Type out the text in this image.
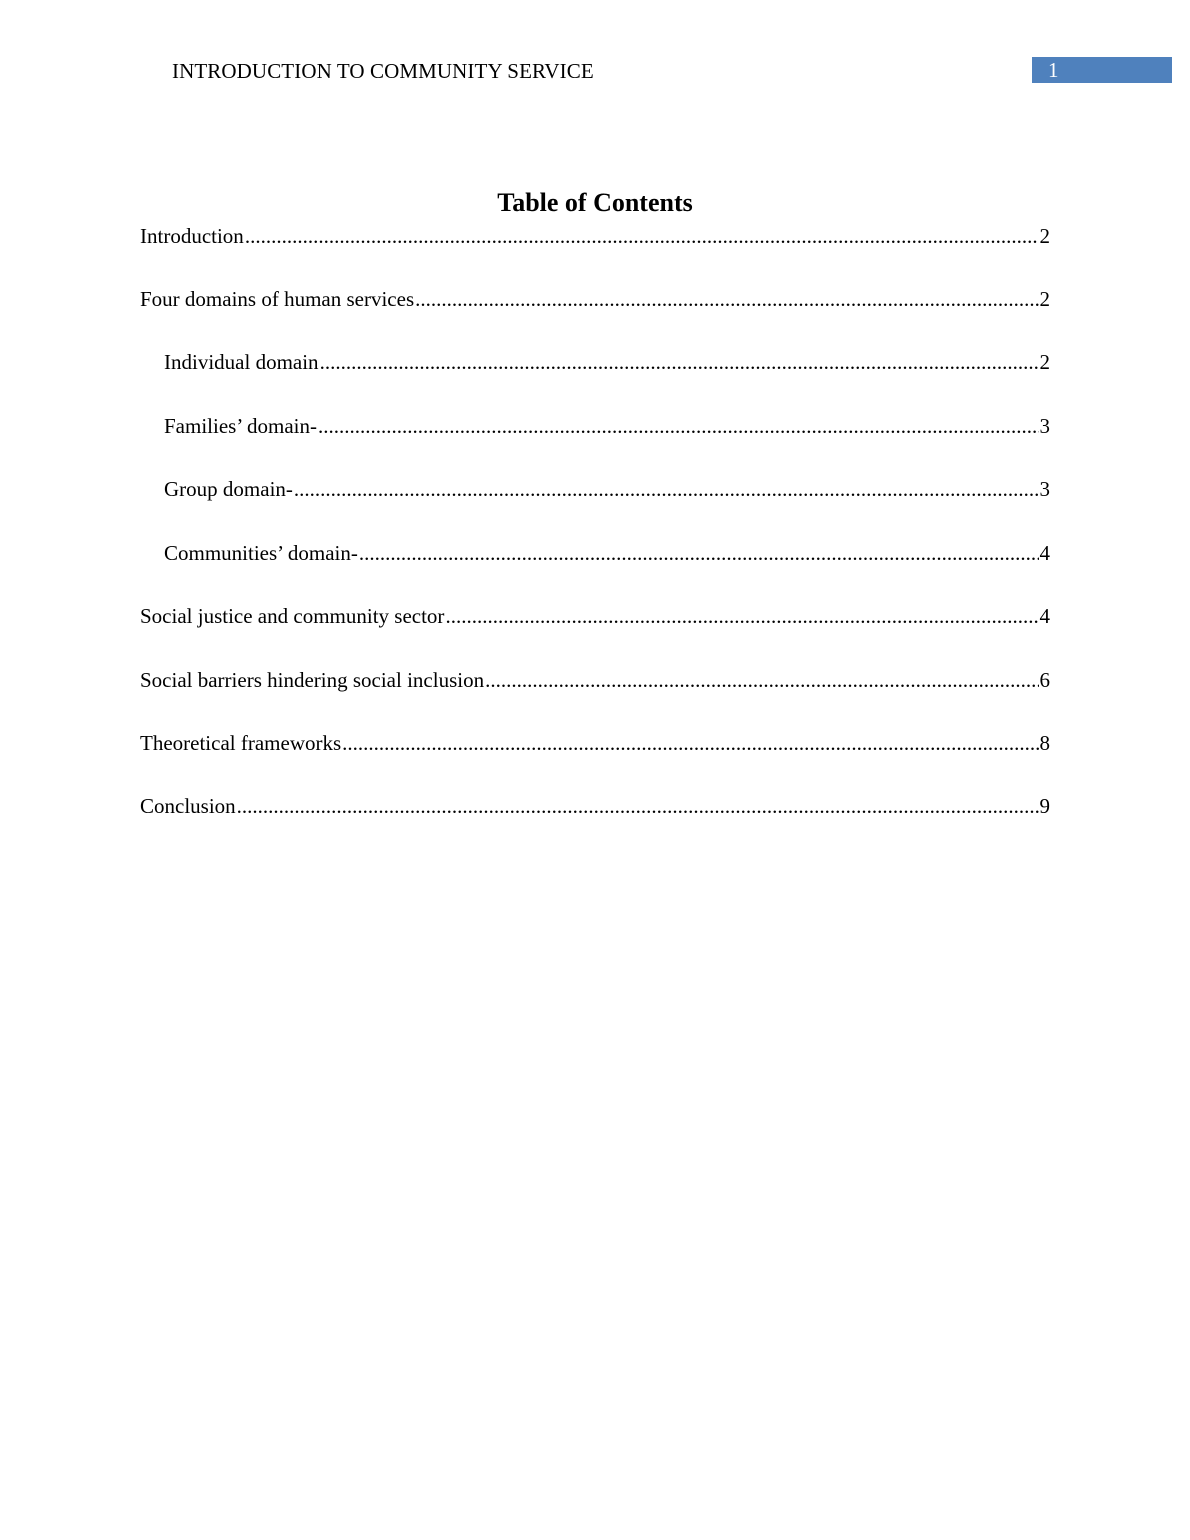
INTRODUCTION TO COMMUNITY SERVICE	1
Table of Contents
Introduction .....	2
Four domains of human services .....	2
Individual domain .....	2
Families’ domain- .....	3
Group domain- .....	3
Communities’ domain- .....	4
Social justice and community sector .....	4
Social barriers hindering social inclusion .....	6
Theoretical frameworks .....	8
Conclusion .....	9
